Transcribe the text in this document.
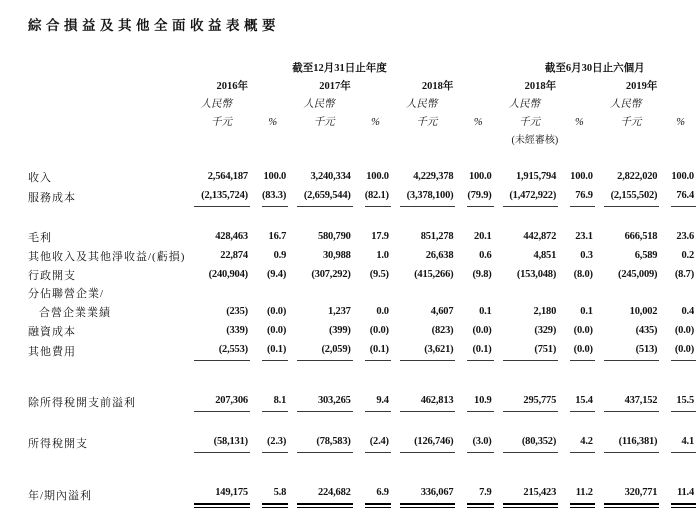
綜合損益及其他全面收益表概要
	截至12月31日止年度						截至6月30日止六個月			
	2016年		2017年		2018年		2018年		2019年	
	人民幣		人民幣		人民幣		人民幣		人民幣	
	千元	%	千元	%	千元	%	千元	%	千元	%
							(未經審核)			
收入	2,564,187	100.0	3,240,334	100.0	4,229,378	100.0	1,915,794	100.0	2,822,020	100.0

服務成本	(2,135,724)	(83.3)	(2,659,544)	(82.1)	(3,378,100)	(79.9)	(1,472,922)	76.9	(2,155,502)	76.4

毛利	428,463	16.7	580,790	17.9	851,278	20.1	442,872	23.1	666,518	23.6

其他收入及其他淨收益/(虧損)	22,874	0.9	30,988	1.0	26,638	0.6	4,851	0.3	6,589	0.2

行政開支	(240,904)	(9.4)	(307,292)	(9.5)	(415,266)	(9.8)	(153,048)	(8.0)	(245,009)	(8.7)

分佔聯營企業/										
合營企業業績	(235)	(0.0)	1,237	0.0	4,607	0.1	2,180	0.1	10,002	0.4

融資成本	(339)	(0.0)	(399)	(0.0)	(823)	(0.0)	(329)	(0.0)	(435)	(0.0)

其他費用	(2,553)	(0.1)	(2,059)	(0.1)	(3,621)	(0.1)	(751)	(0.0)	(513)	(0.0)

除所得稅開支前溢利	207,306	8.1	303,265	9.4	462,813	10.9	295,775	15.4	437,152	15.5

所得稅開支	(58,131)	(2.3)	(78,583)	(2.4)	(126,746)	(3.0)	(80,352)	4.2	(116,381)	4.1

年/期內溢利	149,175	5.8	224,682	6.9	336,067	7.9	215,423	11.2	320,771	11.4
